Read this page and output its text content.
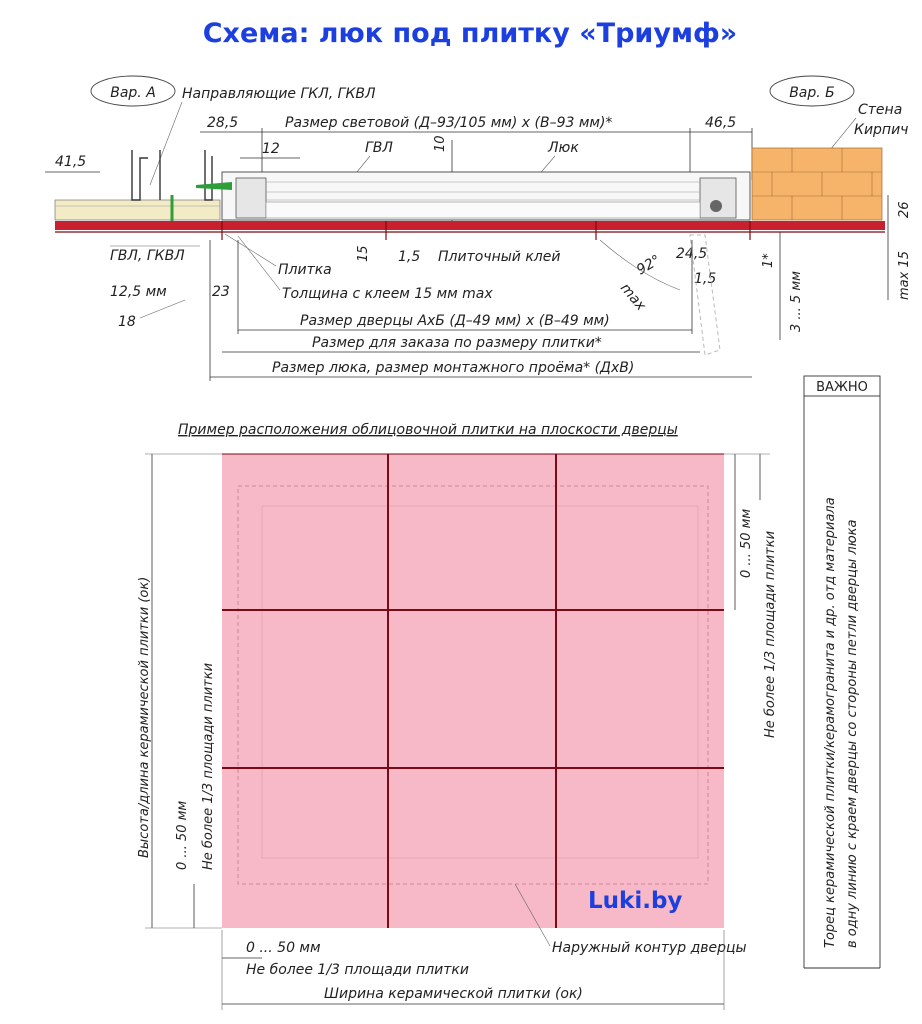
Схема: люк под плитку «Триумф»
Вар. А	Вар. Б
Направляющие ГКЛ, ГКВЛ
Стена
Кирпич
Размер световой (Д–93/105 мм) х (В–93 мм)*	46,5
28,5
41,5
12	ГВЛ	10	Люк
26
max 15
1*
3 ... 5 мм
ГВЛ, ГКВЛ
Плитка
15 1,5 Плиточный клей	24,5
92°
max
1,5
12,5 мм	23	Толщина с клеем 15 мм max
18	Размер дверцы АхБ (Д–49 мм) х (В–49 мм)
Размер для заказа по размеру плитки*
Размер люка, размер монтажного проёма* (ДхВ)
ВАЖНО
Торец керамической плитки/керамогранита и др. отд материала в одну линию с краем дверцы со стороны петли дверцы люка
Пример расположения облицовочной плитки на плоскости дверцы
Luki.by
Высота/длина керамической плитки (ок)	Не более 1/3 площади плитки
0 ... 50 мм
0 ... 50 мм Не более 1/3 площади плитки
Наружный контур дверцы
0 ... 50 мм
Не более 1/3 площади плитки
Ширина керамической плитки (ок)
